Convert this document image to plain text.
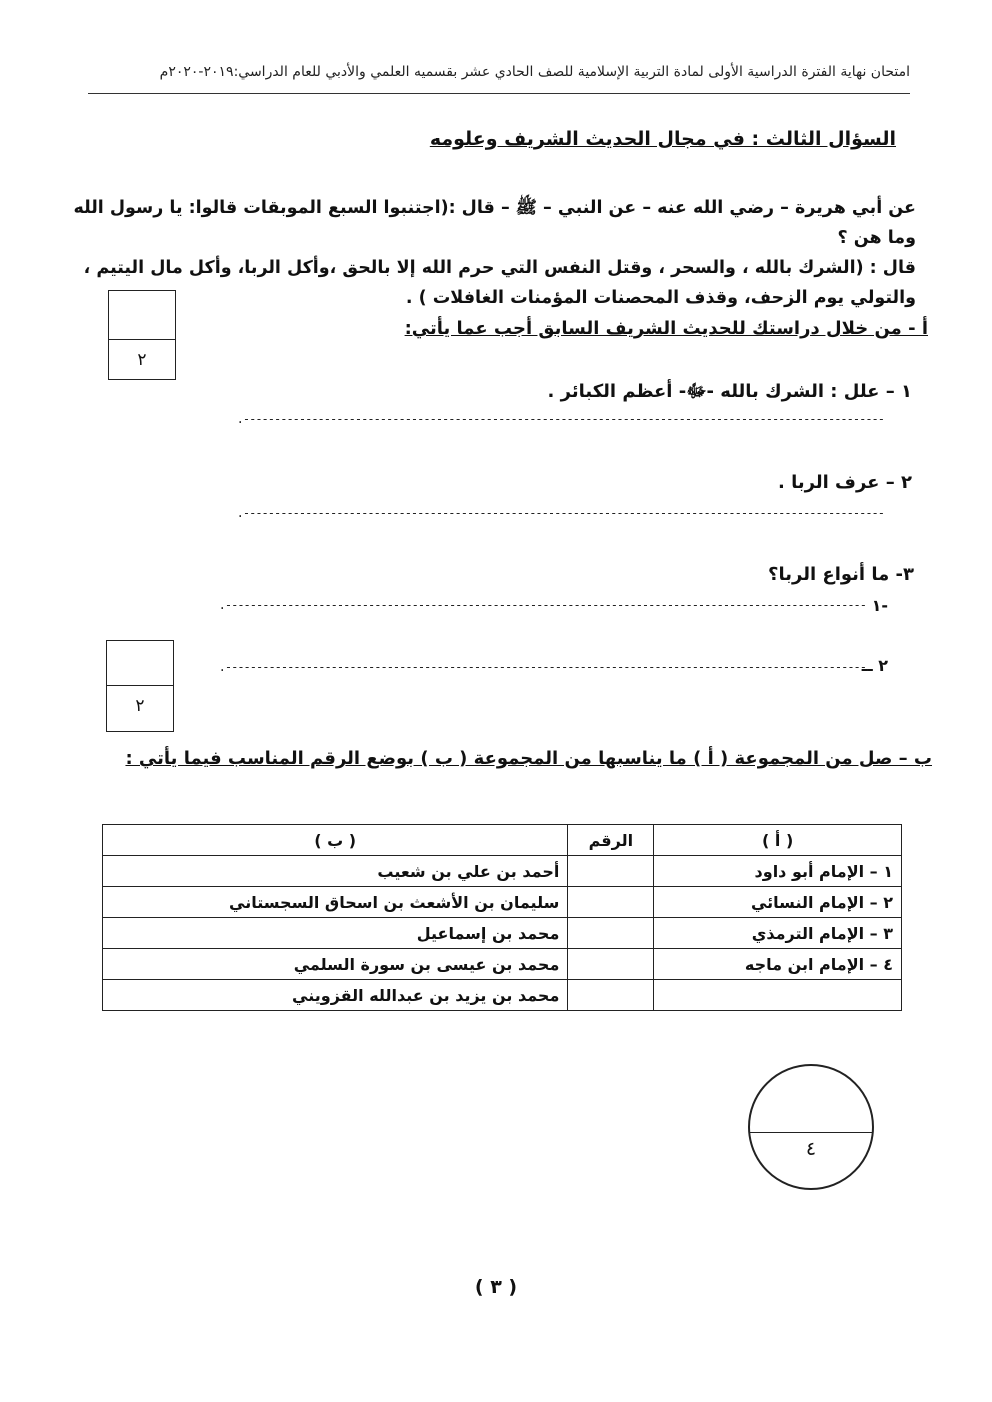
امتحان نهاية الفترة الدراسية الأولى لمادة التربية الإسلامية للصف الحادي عشر بقسميه العلمي والأدبي للعام الدراسي:٢٠١٩-٢٠٢٠م
السؤال الثالث : في مجال الحديث الشريف وعلومه
عن أبي هريرة – رضي الله عنه – عن النبي – ﷺ – قال :(اجتنبوا السبع الموبقات قالوا: يا رسول الله وما هن ؟
قال : (الشرك بالله ، والسحر ، وقتل النفس التي حرم الله إلا بالحق ،وأكل الربا، وأكل مال اليتيم ،
والتولي يوم الزحف، وقذف المحصنات المؤمنات الغافلات ) .
٢
أ - من خلال دراستك للحديث الشريف السابق أجب عما يأتي:
١ – علل : الشرك بالله -ﷻ- أعظم الكبائر .
-------------------------------------------------------------------------------------------------------.
٢ – عرف الربا .
-------------------------------------------------------------------------------------------------------.
٣- ما أنواع الربا؟
١-
-------------------------------------------------------------------------------------------------------.
٢ ــ
-------------------------------------------------------------------------------------------------------.
٢
ب – صل من المجموعة ( أ ) ما يناسبها من المجموعة ( ب ) بوضع الرقم المناسب فيما يأتي :
( أ )	الرقم	( ب )
١ – الإمام أبو داود		أحمد بن علي بن شعيب
٢ – الإمام النسائي		سليمان بن الأشعث بن اسحاق السجستاني
٣ – الإمام الترمذي		محمد بن إسماعيل
٤ – الإمام ابن ماجه		محمد بن عيسى بن سورة السلمي
		محمد بن يزيد بن عبدالله القزويني
٤
( ٣ )
